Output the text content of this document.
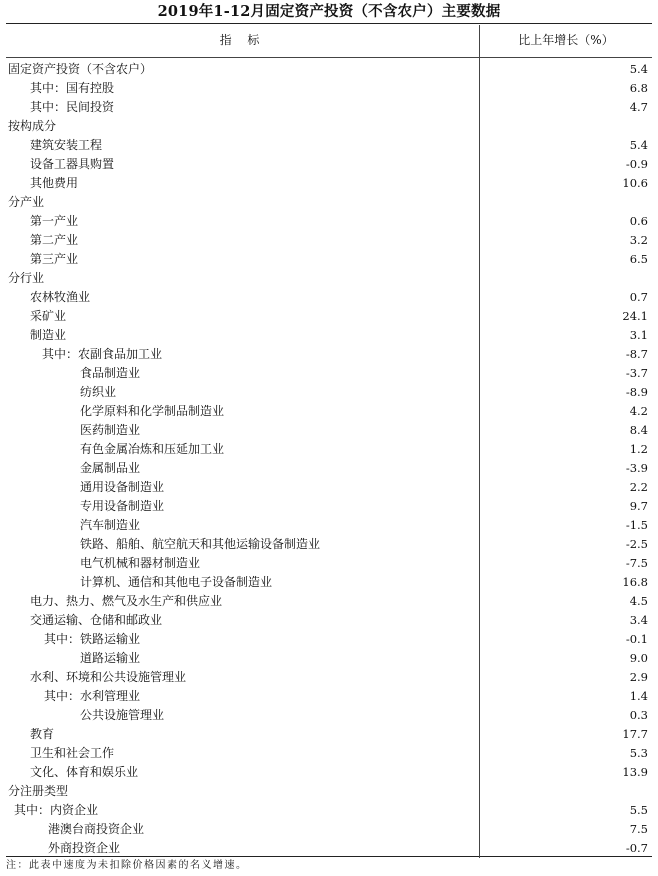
2019年1-12月固定资产投资（不含农户）主要数据
指 标	比上年增长（%）
固定资产投资（不含农户）	5.4
其中：国有控股	6.8
其中：民间投资	4.7
按构成分
建筑安装工程	5.4
设备工器具购置	-0.9
其他费用	10.6
分产业
第一产业	0.6
第二产业	3.2
第三产业	6.5
分行业
农林牧渔业	0.7
采矿业	24.1
制造业	3.1
其中：农副食品加工业	-8.7
食品制造业	-3.7
纺织业	-8.9
化学原料和化学制品制造业	4.2
医药制造业	8.4
有色金属冶炼和压延加工业	1.2
金属制品业	-3.9
通用设备制造业	2.2
专用设备制造业	9.7
汽车制造业	-1.5
铁路、船舶、航空航天和其他运输设备制造业	-2.5
电气机械和器材制造业	-7.5
计算机、通信和其他电子设备制造业	16.8
电力、热力、燃气及水生产和供应业	4.5
交通运输、仓储和邮政业	3.4
其中：铁路运输业	-0.1
道路运输业	9.0
水利、环境和公共设施管理业	2.9
其中：水利管理业	1.4
公共设施管理业	0.3
教育	17.7
卫生和社会工作	5.3
文化、体育和娱乐业	13.9
分注册类型
其中：内资企业	5.5
港澳台商投资企业	7.5
外商投资企业	-0.7
注：此表中速度为未扣除价格因素的名义增速。
